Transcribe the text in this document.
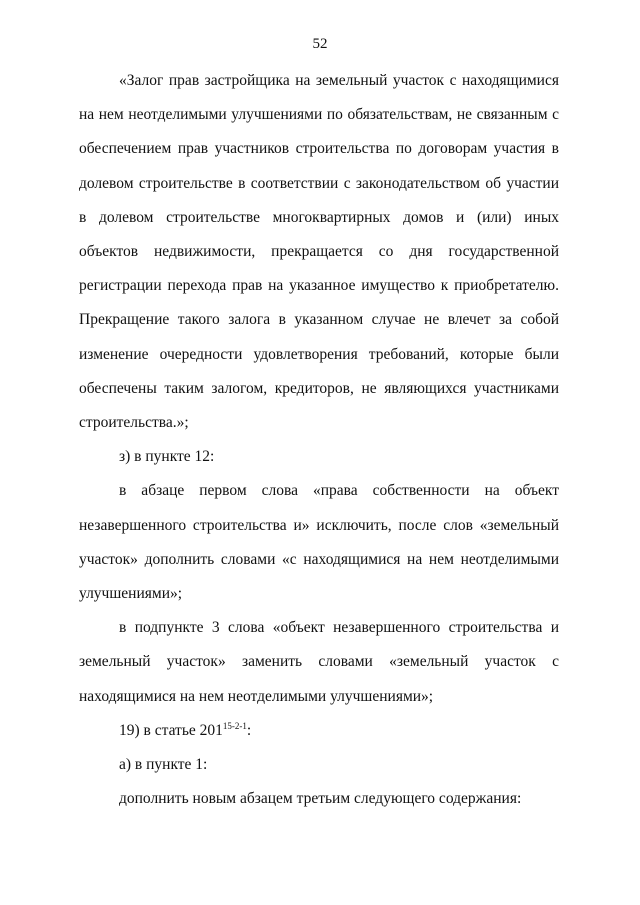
52

«Залог прав застройщика на земельный участок с находящимися на нем неотделимыми улучшениями по обязательствам, не связанным с обеспечением прав участников строительства по договорам участия в долевом строительстве в соответствии с законодательством об участии в долевом строительстве многоквартирных домов и (или) иных объектов недвижимости, прекращается со дня государственной регистрации перехода прав на указанное имущество к приобретателю. Прекращение такого залога в указанном случае не влечет за собой изменение очередности удовлетворения требований, которые были обеспечены таким залогом, кредиторов, не являющихся участниками строительства.»;

з) в пункте 12:

в абзаце первом слова «права собственности на объект незавершенного строительства и» исключить, после слов «земельный участок» дополнить словами «с находящимися на нем неотделимыми улучшениями»;

в подпункте 3 слова «объект незавершенного строительства и земельный участок» заменить словами «земельный участок с находящимися на нем неотделимыми улучшениями»;

19) в статье 201$^{15-2-1}$:

а) в пункте 1:

дополнить новым абзацем третьим следующего содержания:
